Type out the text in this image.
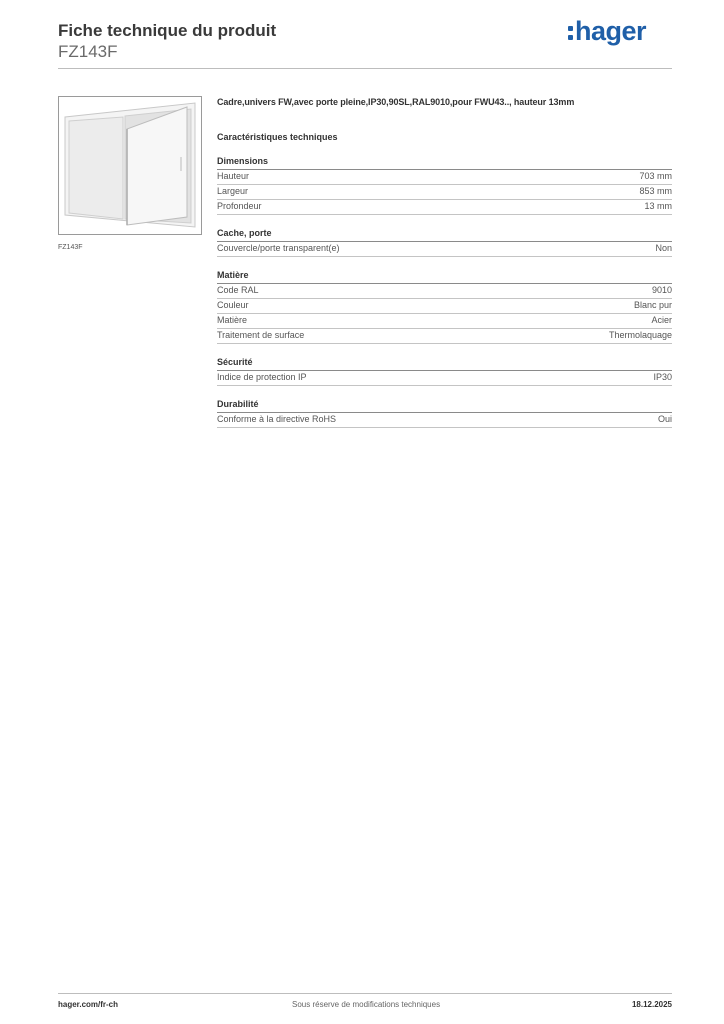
Fiche technique du produit
FZ143F
hager
FZ143F
Cadre,univers FW,avec porte pleine,IP30,90SL,RAL9010,pour FWU43.., hauteur 13mm
Caractéristiques techniques
Dimensions
Hauteur	703 mm
Largeur	853 mm
Profondeur	13 mm
Cache, porte
Couvercle/porte transparent(e)	Non
Matière
Code RAL	9010
Couleur	Blanc pur
Matière	Acier
Traitement de surface	Thermolaquage
Sécurité
Indice de protection IP	IP30
Durabilité
Conforme à la directive RoHS	Oui
hager.com/fr-ch	Sous réserve de modifications techniques	18.12.2025
